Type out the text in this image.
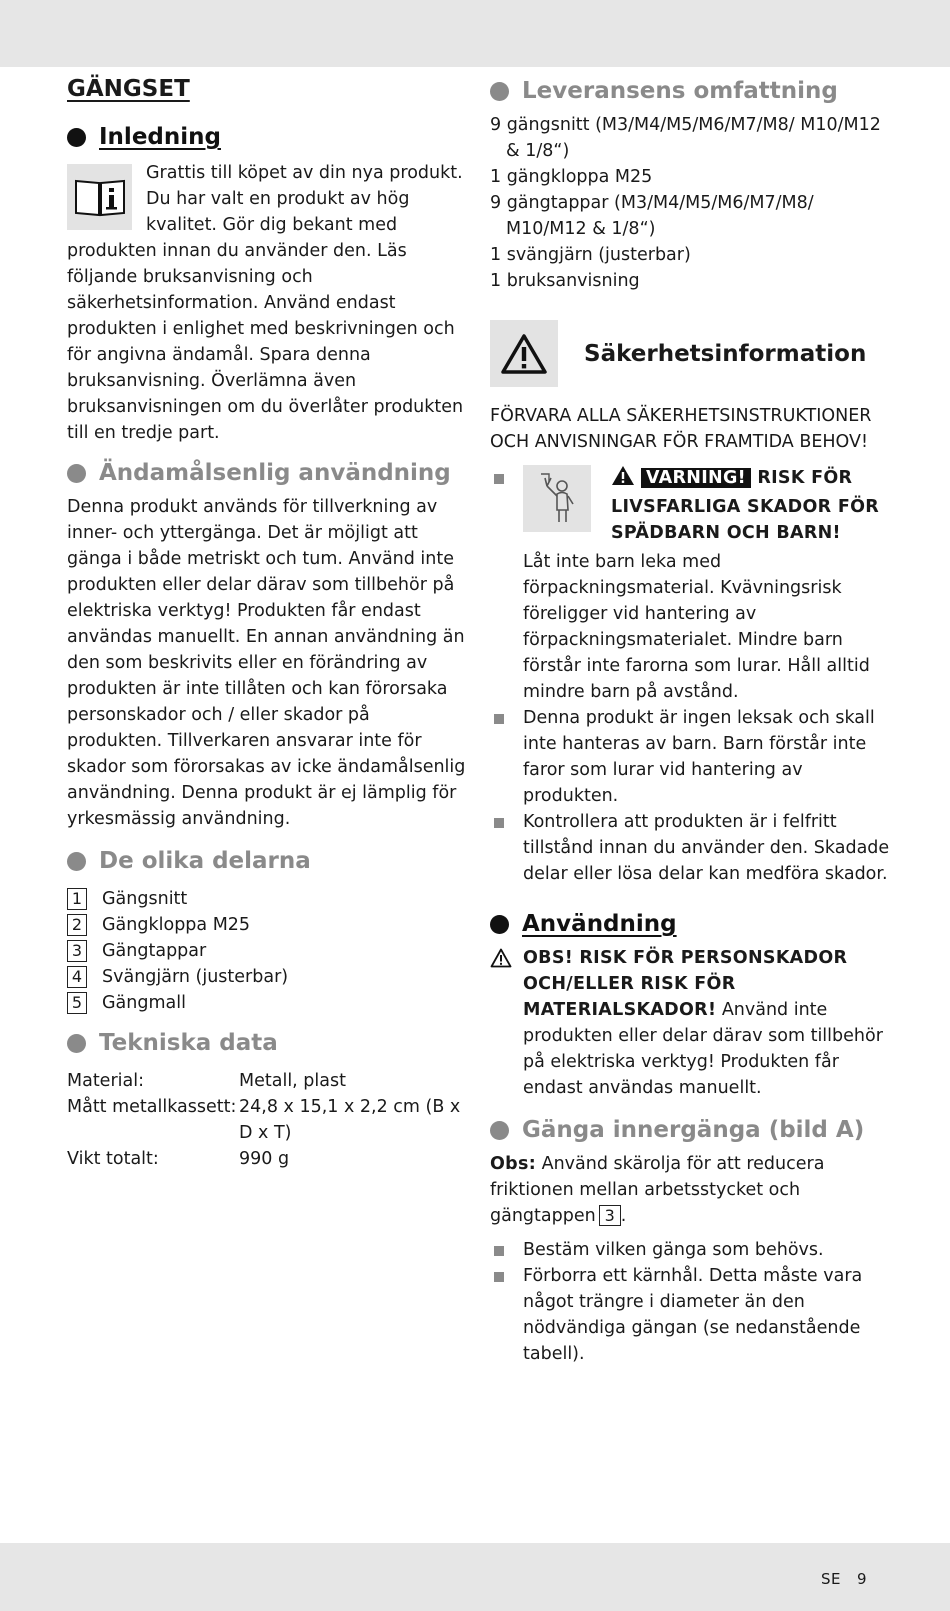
GÄNGSET
Inledning

Grattis till köpet av din nya produkt. Du har valt en produkt av hög kvalitet. Gör dig bekant med produkten innan du använder den. Läs följande bruksanvisning och säkerhetsinformation. Använd endast produkten i enlighet med beskrivningen och för angivna ändamål. Spara denna bruksanvisning. Överlämna även bruksanvisningen om du överlåter produkten till en tredje part.

Ändamålsenlig användning

Denna produkt används för tillverkning av inner- och yttergänga. Det är möjligt att gänga i både metriskt och tum. Använd inte produkten eller delar därav som tillbehör på elektriska verktyg! Produkten får endast användas manuellt. En annan användning än den som beskrivits eller en förändring av produkten är inte tillåten och kan förorsaka personskador och / eller skador på produkten. Tillverkaren ansvarar inte för skador som förorsakas av icke ändamålsenlig användning. Denna produkt är ej lämplig för yrkesmässig användning.

De olika delarna
1 Gängsnitt
2 Gängkloppa M25
3 Gängtappar
4 Svängjärn (justerbar)
5 Gängmall
Tekniska data
Material:	Metall, plast
Mått metallkassett: 24,8 x 15,1 x 2,2 cm (B x D x T)
Vikt totalt:	990 g
Leveransens omfattning

9 gängsnitt (M3/M4/M5/M6/M7/M8/ M10/M12 & 1/8“)

1 gängkloppa M25

9 gängtappar (M3/M4/M5/M6/M7/M8/ M10/M12 & 1/8“)

1 svängjärn (justerbar)

1 bruksanvisning

Säkerhetsinformation

FÖRVARA ALLA SÄKERHETSINSTRUKTIONER OCH ANVISNINGAR FÖR FRAMTIDA BEHOV!

VARNING! RISK FÖR LIVSFARLIGA SKADOR FÖR SPÄDBARN OCH BARN!

Låt inte barn leka med förpackningsmaterial. Kvävningsrisk föreligger vid hantering av förpackningsmaterialet. Mindre barn förstår inte farorna som lurar. Håll alltid mindre barn på avstånd.

Denna produkt är ingen leksak och skall inte hanteras av barn. Barn förstår inte faror som lurar vid hantering av produkten.

Kontrollera att produkten är i felfritt tillstånd innan du använder den. Skadade delar eller lösa delar kan medföra skador.

Användning
OBS! RISK FÖR PERSONSKADOR OCH/ELLER RISK FÖR MATERIALSKADOR! Använd inte produkten eller delar därav som tillbehör på elektriska verktyg! Produkten får endast användas manuellt.
Gänga innergänga (bild A)

Obs: Använd skärolja för att reducera friktionen mellan arbetsstycket och gängtappen 3 .

Bestäm vilken gänga som behövs.

Förborra ett kärnhål. Detta måste vara något trängre i diameter än den nödvändiga gängan (se nedanstående tabell).

SE 9
